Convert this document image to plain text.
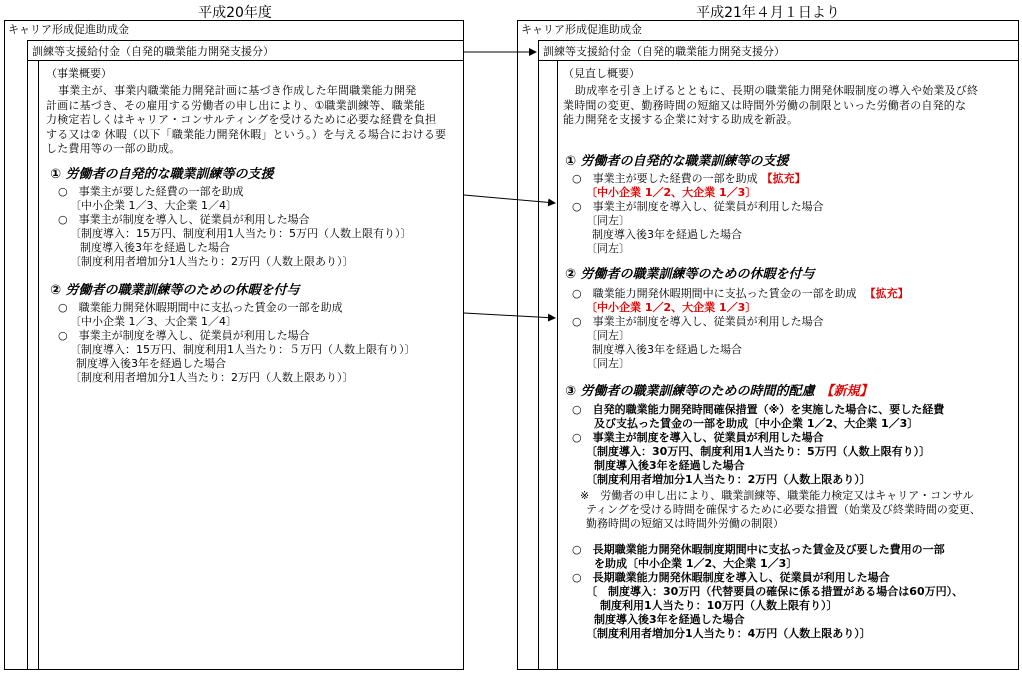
平成20年度	平成21年４月１日より
キャリア形成促進助成金
訓練等支援給付金（自発的職業能力開発支援分）
（事業概要）
事業主が、事業内職業能力開発計画に基づき作成した年間職業能力開発
計画に基づき、その雇用する労働者の申し出により、①職業訓練等、職業能
力検定若しくはキャリア・コンサルティングを受けるために必要な経費を負担
する又は② 休暇（以下「職業能力開発休暇」という。）を与える場合における要
した費用等の一部の助成。
① 労働者の自発的な職業訓練等の支援
○　事業主が要した経費の一部を助成
〔中小企業 1／3、大企業 1／4〕
○　事業主が制度を導入し、従業員が利用した場合
〔制度導入：15万円、制度利用1人当たり：5万円（人数上限有り）〕
制度導入後3年を経過した場合
〔制度利用者増加分1人当たり：2万円（人数上限あり）〕
② 労働者の職業訓練等のための休暇を付与
○　職業能力開発休暇期間中に支払った賃金の一部を助成
〔中小企業 1／3、大企業 1／4〕
○　事業主が制度を導入し、従業員が利用した場合
〔制度導入：15万円、制度利用1人当たり：５万円（人数上限有り）〕
制度導入後3年を経過した場合
〔制度利用者増加分1人当たり：2万円（人数上限あり）〕
キャリア形成促進助成金
訓練等支援給付金（自発的職業能力開発支援分）
（見直し概要）
助成率を引き上げるとともに、長期の職業能力開発休暇制度の導入や始業及び終
業時間の変更、勤務時間の短縮又は時間外労働の制限といった労働者の自発的な
能力開発を支援する企業に対する助成を新設。
① 労働者の自発的な職業訓練等の支援
○　事業主が要した経費の一部を助成 【拡充】
〔中小企業 1／2、大企業 1／3〕
○　事業主が制度を導入し、従業員が利用した場合
〔同左〕
制度導入後3年を経過した場合
〔同左〕
② 労働者の職業訓練等のための休暇を付与
○　職業能力開発休暇期間中に支払った賃金の一部を助成 【拡充】
〔中小企業 1／2、大企業 1／3〕
○　事業主が制度を導入し、従業員が利用した場合
〔同左〕
制度導入後3年を経過した場合
〔同左〕
③ 労働者の職業訓練等のための時間的配慮 【新規】
○　自発的職業能力開発時間確保措置（※）を実施した場合に、要した経費
及び支払った賃金の一部を助成〔中小企業 1／2、大企業 1／3〕
○　事業主が制度を導入し、従業員が利用した場合
〔制度導入：30万円、制度利用1人当たり：5万円（人数上限有り）〕
制度導入後3年を経過した場合
〔制度利用者増加分1人当たり：2万円（人数上限あり）〕
※　労働者の申し出により、職業訓練等、職業能力検定又はキャリア・コンサル
ティングを受ける時間を確保するために必要な措置（始業及び終業時間の変更、
勤務時間の短縮又は時間外労働の制限）
○　長期職業能力開発休暇制度期間中に支払った賃金及び要した費用の一部
を助成〔中小企業 1／2、大企業 1／3〕
○　長期職業能力開発休暇制度を導入し、従業員が利用した場合
〔　制度導入：30万円（代替要員の確保に係る措置がある場合は60万円）、
制度利用1人当たり：10万円（人数上限有り）〕
制度導入後3年を経過した場合
〔制度利用者増加分1人当たり：4万円（人数上限あり）〕
